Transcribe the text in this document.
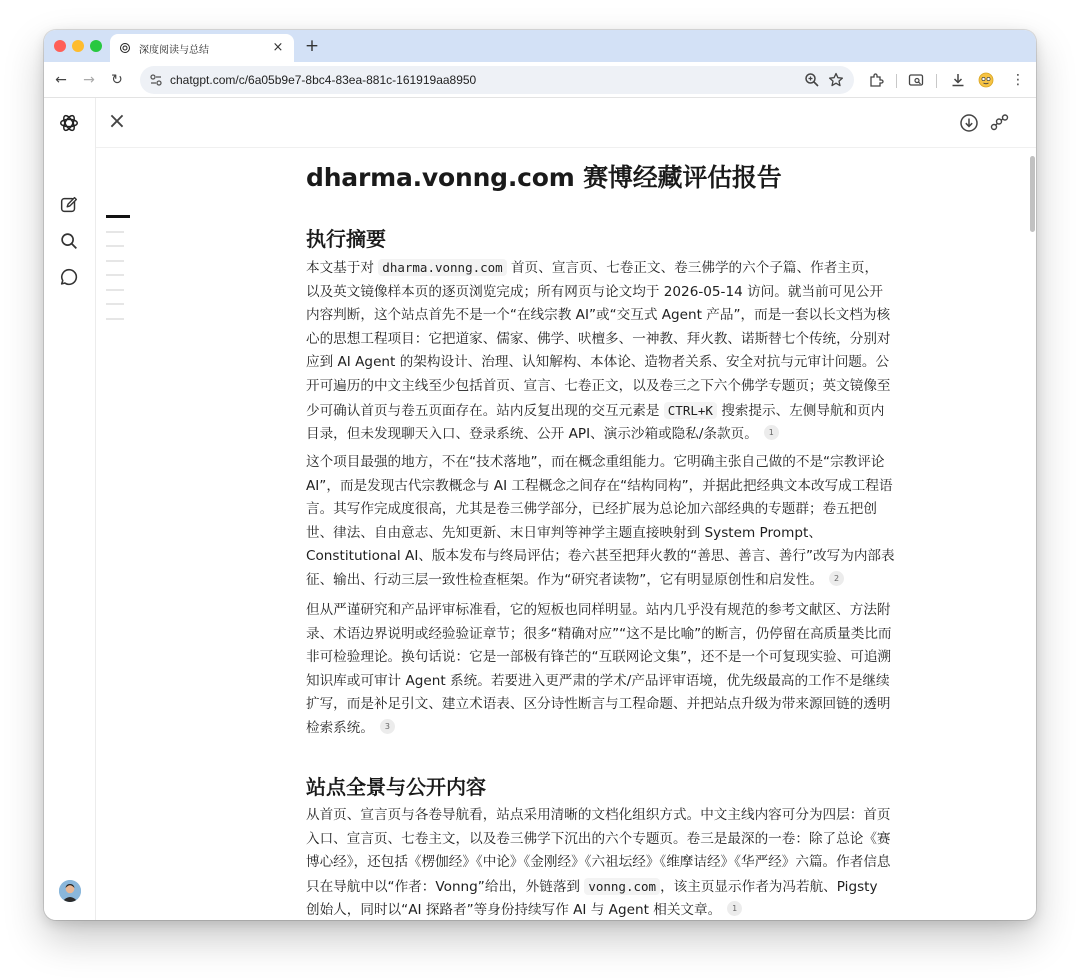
深度阅读与总结	× +
← → ↻	chatgpt.com/c/6a05b9e7-8bc4-83ea-881c-161919aa8950	⋮
×
dharma.vonng.com 赛博经藏评估报告
执行摘要
本文基于对 dharma.vonng.com 首页、宣言页、七卷正文、卷三佛学的六个子篇、作者主页，
以及英文镜像样本页的逐页浏览完成；所有网页与论文均于 2026-05-14 访问。就当前可见公开
内容判断，这个站点首先不是一个“在线宗教 AI”或“交互式 Agent 产品”，而是一套以长文档为核
心的思想工程项目：它把道家、儒家、佛学、吠檀多、一神教、拜火教、诺斯替七个传统，分别对
应到 AI Agent 的架构设计、治理、认知解构、本体论、造物者关系、安全对抗与元审计问题。公
开可遍历的中文主线至少包括首页、宣言、七卷正文，以及卷三之下六个佛学专题页；英文镜像至
少可确认首页与卷五页面存在。站内反复出现的交互元素是 CTRL+K 搜索提示、左侧导航和页内
目录，但未发现聊天入口、登录系统、公开 API、演示沙箱或隐私/条款页。 1
这个项目最强的地方，不在“技术落地”，而在概念重组能力。它明确主张自己做的不是“宗教评论
AI”，而是发现古代宗教概念与 AI 工程概念之间存在“结构同构”，并据此把经典文本改写成工程语
言。其写作完成度很高，尤其是卷三佛学部分，已经扩展为总论加六部经典的专题群；卷五把创
世、律法、自由意志、先知更新、末日审判等神学主题直接映射到 System Prompt、
Constitutional AI、版本发布与终局评估；卷六甚至把拜火教的“善思、善言、善行”改写为内部表
征、输出、行动三层一致性检查框架。作为“研究者读物”，它有明显原创性和启发性。 2
但从严谨研究和产品评审标准看，它的短板也同样明显。站内几乎没有规范的参考文献区、方法附
录、术语边界说明或经验验证章节；很多“精确对应”“这不是比喻”的断言，仍停留在高质量类比而
非可检验理论。换句话说：它是一部极有锋芒的“互联网论文集”，还不是一个可复现实验、可追溯
知识库或可审计 Agent 系统。若要进入更严肃的学术/产品评审语境，优先级最高的工作不是继续
扩写，而是补足引文、建立术语表、区分诗性断言与工程命题、并把站点升级为带来源回链的透明
检索系统。 3
站点全景与公开内容
从首页、宣言页与各卷导航看，站点采用清晰的文档化组织方式。中文主线内容可分为四层：首页
入口、宣言页、七卷主文，以及卷三佛学下沉出的六个专题页。卷三是最深的一卷：除了总论《赛
博心经》，还包括《楞伽经》《中论》《金刚经》《六祖坛经》《维摩诘经》《华严经》六篇。作者信息
只在导航中以“作者：Vonng”给出，外链落到 vonng.com ，该主页显示作者为冯若航、Pigsty
创始人，同时以“AI 探路者”等身份持续写作 AI 与 Agent 相关文章。 1
